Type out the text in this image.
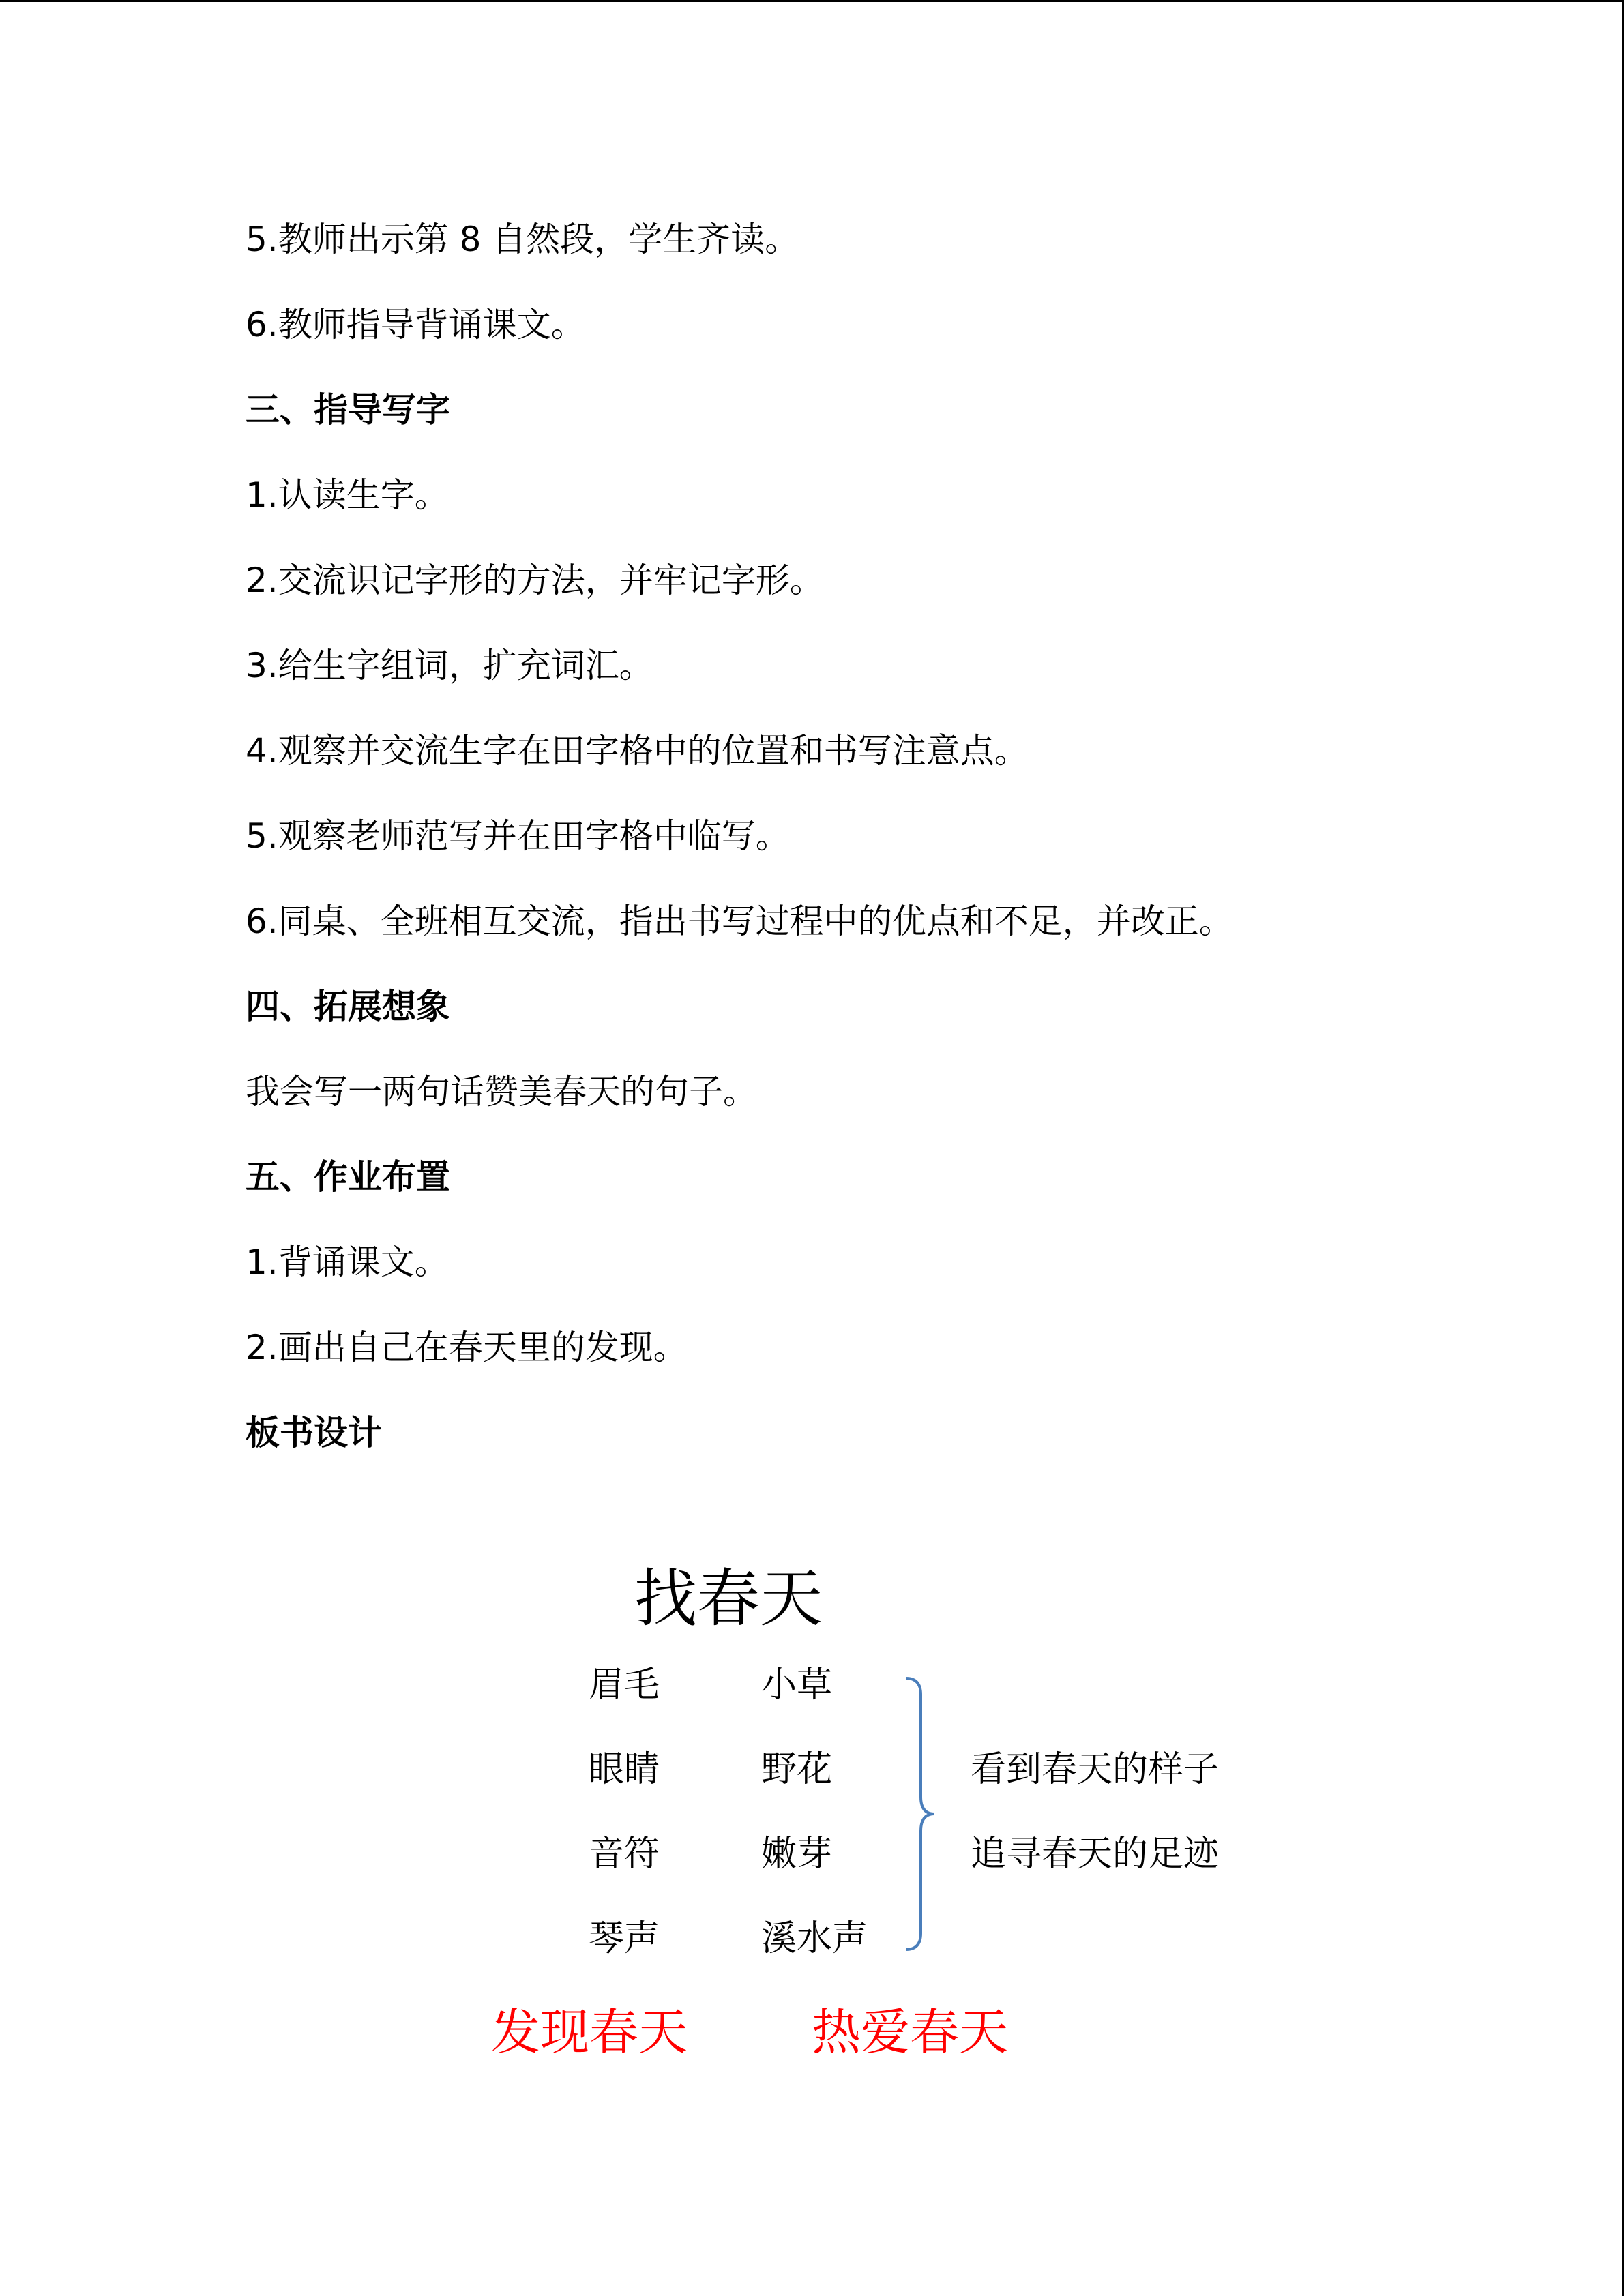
5.教师出示第 8 自然段，学生齐读。
6.教师指导背诵课文。
三、指导写字
1.认读生字。
2.交流识记字形的方法，并牢记字形。
3.给生字组词，扩充词汇。
4.观察并交流生字在田字格中的位置和书写注意点。
5.观察老师范写并在田字格中临写。
6.同桌、全班相互交流，指出书写过程中的优点和不足，并改正。
四、拓展想象
我会写一两句话赞美春天的句子。
五、作业布置
1.背诵课文。
2.画出自己在春天里的发现。
板书设计
找春天
眉毛
眼睛
音符
琴声
小草
野花
嫩芽
溪水声
看到春天的样子
追寻春天的足迹
发现春天	热爱春天
